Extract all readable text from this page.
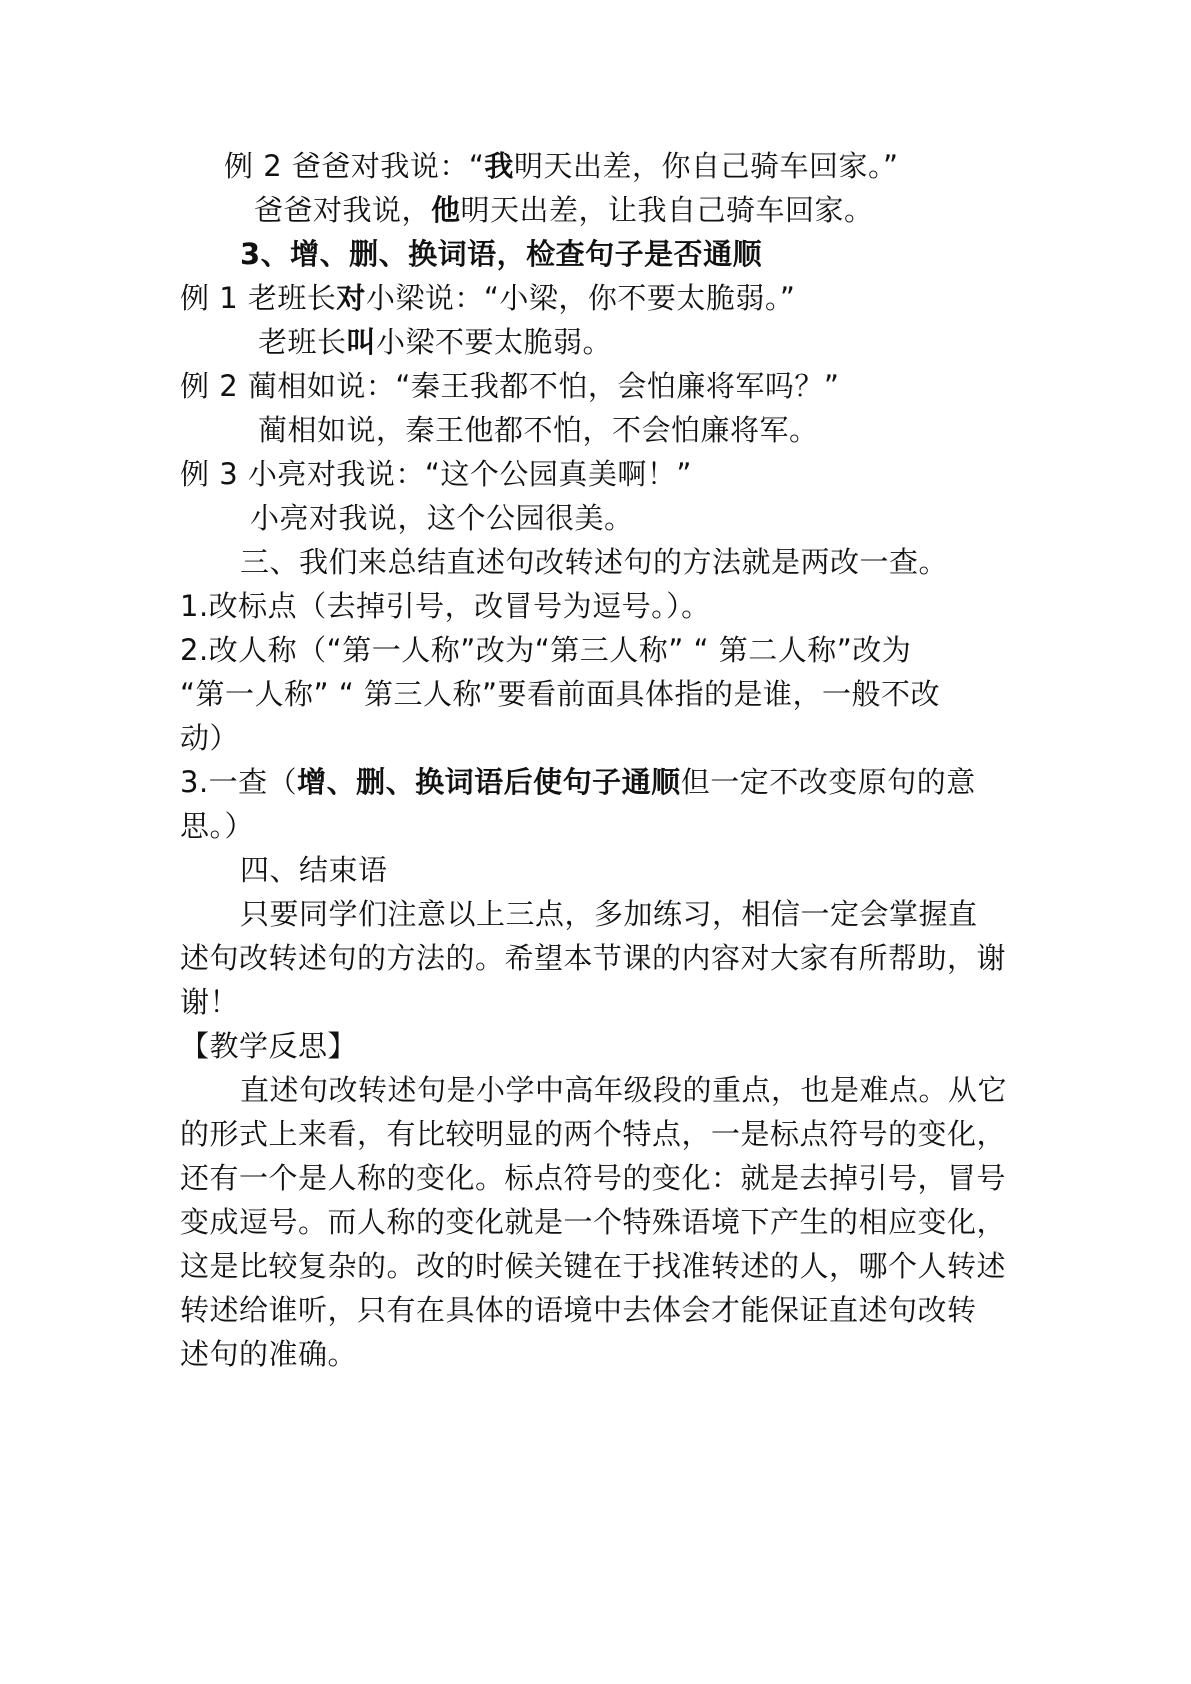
例 2 爸爸对我说：“我明天出差，你自己骑车回家。”
爸爸对我说，他明天出差，让我自己骑车回家。
3、增、删、换词语，检查句子是否通顺
例 1 老班长对小梁说：“小梁，你不要太脆弱。”
老班长叫小梁不要太脆弱。
例 2 蔺相如说：“秦王我都不怕，会怕廉将军吗？”
蔺相如说，秦王他都不怕，不会怕廉将军。
例 3 小亮对我说：“这个公园真美啊！”
小亮对我说，这个公园很美。
三、我们来总结直述句改转述句的方法就是两改一查。
1.改标点（去掉引号，改冒号为逗号。）。
2.改人称（“第一人称”改为“第三人称” “ 第二人称”改为
“第一人称” “ 第三人称”要看前面具体指的是谁，一般不改
动）
3.一查（增、删、换词语后使句子通顺但一定不改变原句的意
思。）
四、结束语
只要同学们注意以上三点，多加练习，相信一定会掌握直
述句改转述句的方法的。希望本节课的内容对大家有所帮助，谢
谢！
【教学反思】
直述句改转述句是小学中高年级段的重点，也是难点。从它
的形式上来看，有比较明显的两个特点，一是标点符号的变化，
还有一个是人称的变化。标点符号的变化：就是去掉引号，冒号
变成逗号。而人称的变化就是一个特殊语境下产生的相应变化，
这是比较复杂的。改的时候关键在于找准转述的人，哪个人转述
转述给谁听，只有在具体的语境中去体会才能保证直述句改转
述句的准确。
